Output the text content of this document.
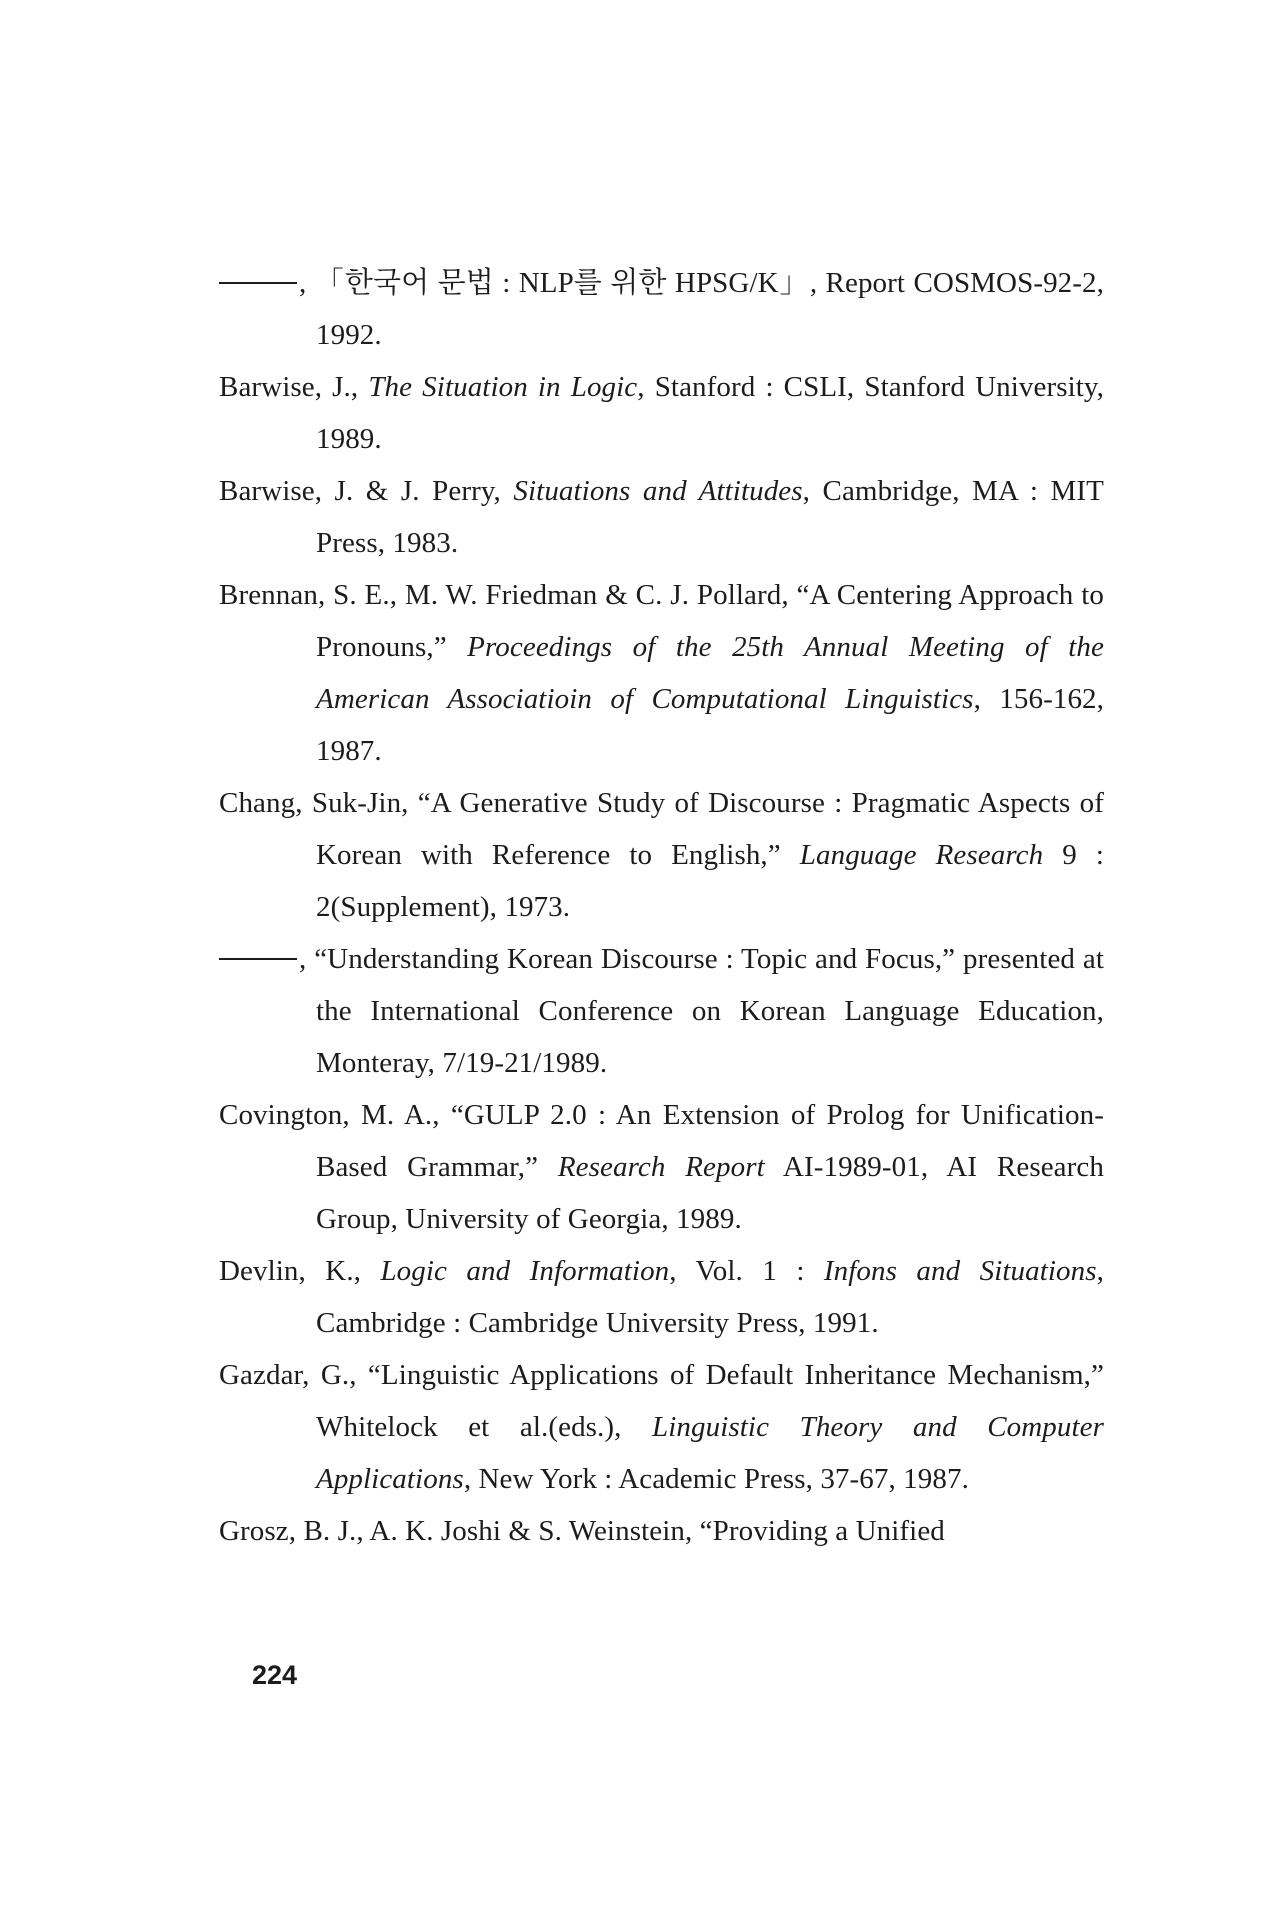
, 「한국어 문법 : NLP를 위한 HPSG/K」, Report COSMOS-92-2, 1992.

Barwise, J., The Situation in Logic, Stanford : CSLI, Stanford University, 1989.

Barwise, J. & J. Perry, Situations and Attitudes, Cambridge, MA : MIT Press, 1983.

Brennan, S. E., M. W. Friedman & C. J. Pollard, “A Centering Approach to Pronouns,” Proceedings of the 25th Annual Meeting of the American Associatioin of Computational Linguistics, 156-162, 1987.

Chang, Suk-Jin, “A Generative Study of Discourse : Pragmatic Aspects of Korean with Reference to English,” Language Research 9 : 2(Supplement), 1973.

, “Understanding Korean Discourse : Topic and Focus,” presented at the International Conference on Korean Language Education, Monteray, 7/19-21/1989.

Covington, M. A., “GULP 2.0 : An Extension of Prolog for Unification- Based Grammar,” Research Report AI-1989-01, AI Research Group, University of Georgia, 1989.

Devlin, K., Logic and Information, Vol. 1 : Infons and Situations, Cambridge : Cambridge University Press, 1991.

Gazdar, G., “Linguistic Applications of Default Inheritance Mechanism,” Whitelock et al.(eds.), Linguistic Theory and Computer Applications, New York : Academic Press, 37-67, 1987.

Grosz, B. J., A. K. Joshi & S. Weinstein, “Providing a Unified

224
